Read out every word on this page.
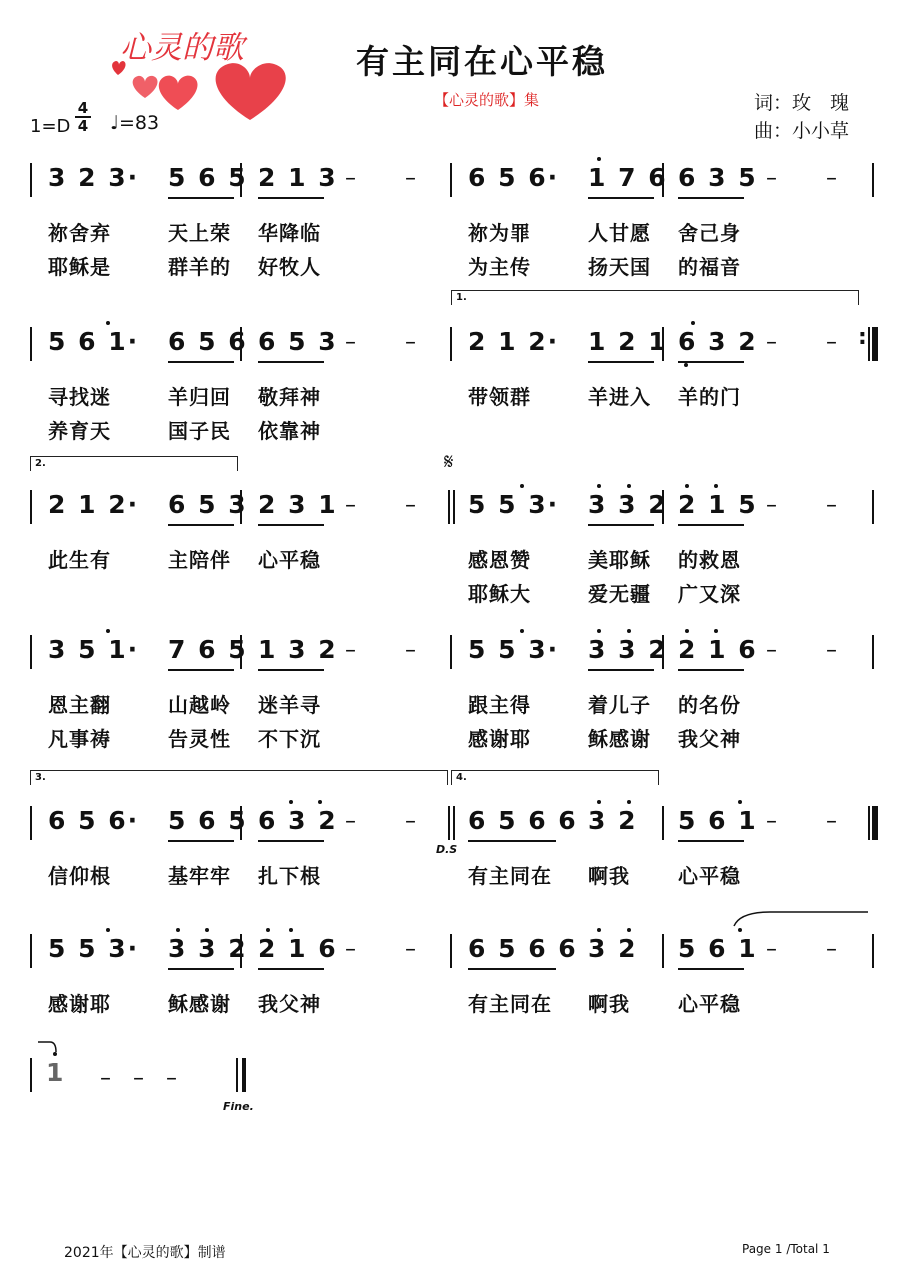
心灵的歌	有主同在心平稳
【心灵的歌】集	词：玫　瑰
曲：小小草
1=D
4
4 ♩=83
3 2 3· 5 6 5 2 1 3	6 5 6· 1 7 6 6 3 5
– –	– –
祢舍弃	天上荣 华降临	祢为罪	人甘愿 舍己身
耶稣是	群羊的 好牧人	为主传	扬天国 的福音
:
5 6 1· 6 5 6 6 5 3	2 1 2· 1 2 1 6 3 2
– –	– –
寻找迷	羊归回 敬拜神	带领群	羊进入 羊的门
养育天	国子民 依靠神
2 1 2· 6 5 3 2 3 1	5 5 3· 3 3 2 2 1 5
– –	– –
此生有	主陪伴 心平稳	感恩赞	美耶稣 的救恩
耶稣大	爱无疆 广又深
3 5 1· 7 6 5 1 3 2	5 5 3· 3 3 2 2 1 6
– –	– –
恩主翻	山越岭 迷羊寻	跟主得	着儿子 的名份
凡事祷	告灵性 不下沉	感谢耶	稣感谢 我父神
6 5 6· 5 6 5 6 3 2	6 5 6 6 3 2 5 6 1
– –	– –
信仰根	基牢牢 扎下根	有主同在 啊我 心平稳
5 5 3· 3 3 2 2 1 6	6 5 6 6 3 2 5 6 1
– –	– –
感谢耶	稣感谢 我父神	有主同在 啊我 心平稳
1.
2.
3.	4.
𝄋
D.S
Fine.
1 –　–　–
2021年【心灵的歌】制谱	Page 1 /Total 1
